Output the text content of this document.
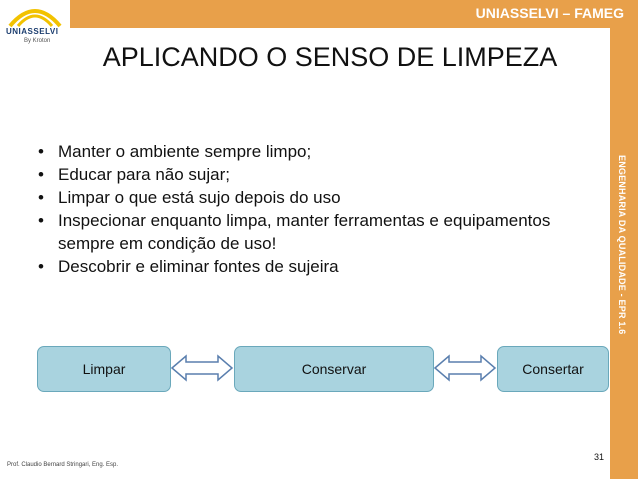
UNIASSELVI – FAMEG
ENGENHARIA DA QUALIDADE - EPR 1.6
UNIASSELVI
By Kroton
APLICANDO O SENSO DE LIMPEZA
• Manter o ambiente sempre limpo;
• Educar para não sujar;
• Limpar o que está sujo depois do uso
• Inspecionar enquanto limpa, manter ferramentas e equipamentos sempre em condição de uso!
• Descobrir e eliminar fontes de sujeira
Limpar	Conservar	Consertar
31
Prof. Claudio Bernard Stringari, Eng. Esp.
